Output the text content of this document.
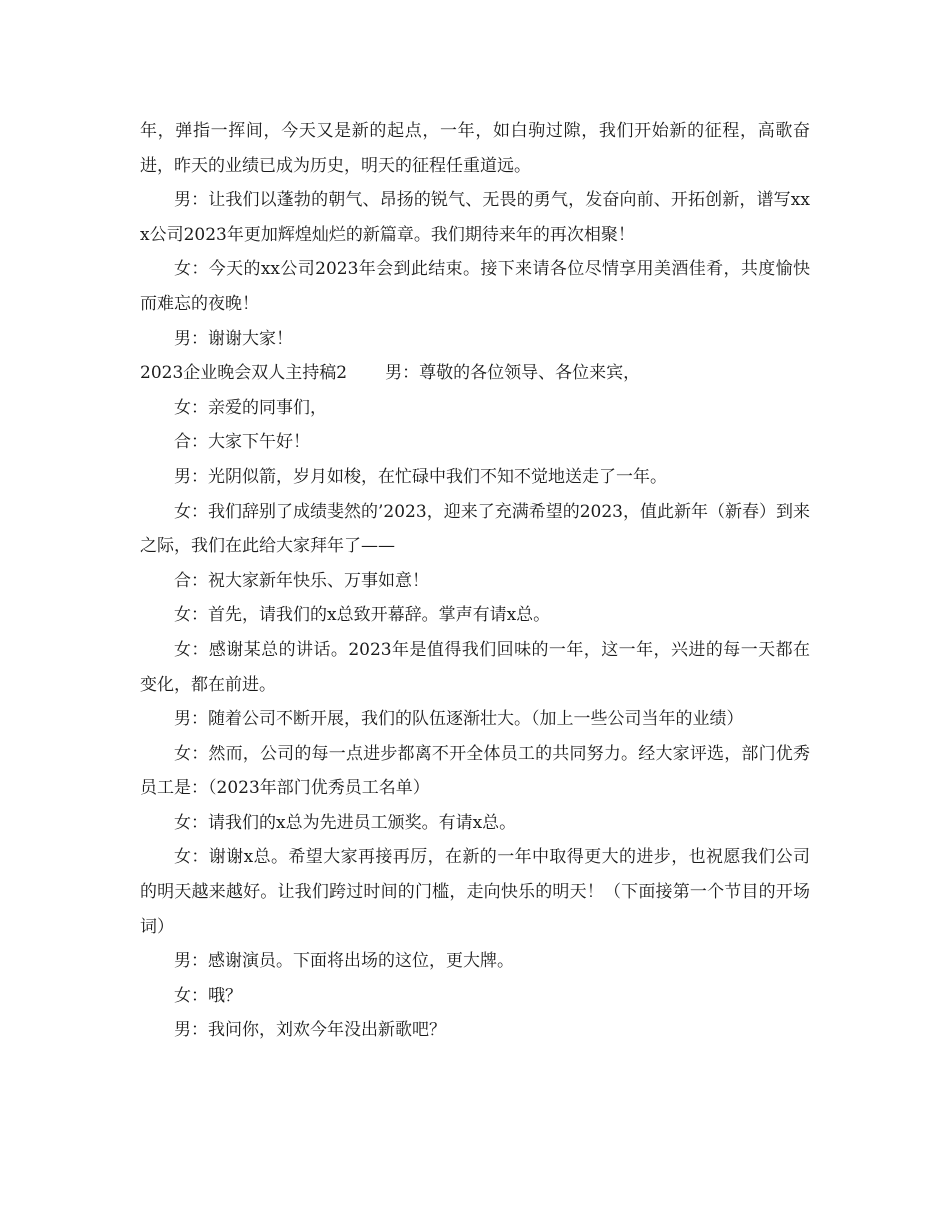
年，弹指一挥间，今天又是新的起点，一年，如白驹过隙，我们开始新的征程，高歌奋进，昨天的业绩已成为历史，明天的征程任重道远。

男：让我们以蓬勃的朝气、昂扬的锐气、无畏的勇气，发奋向前、开拓创新，谱写xxx公司2023年更加辉煌灿烂的新篇章。我们期待来年的再次相聚！

女：今天的xx公司2023年会到此结束。接下来请各位尽情享用美酒佳肴，共度愉快而难忘的夜晚！

男：谢谢大家！

2023企业晚会双人主持稿2 男：尊敬的各位领导、各位来宾，

女：亲爱的同事们，

合：大家下午好！

男：光阴似箭，岁月如梭，在忙碌中我们不知不觉地送走了一年。

女：我们辞别了成绩斐然的’2023，迎来了充满希望的2023，值此新年（新春）到来之际，我们在此给大家拜年了——

合：祝大家新年快乐、万事如意！

女：首先，请我们的x总致开幕辞。掌声有请x总。

女：感谢某总的讲话。2023年是值得我们回味的一年，这一年，兴进的每一天都在变化，都在前进。

男：随着公司不断开展，我们的队伍逐渐壮大。（加上一些公司当年的业绩）

女：然而，公司的每一点进步都离不开全体员工的共同努力。经大家评选，部门优秀员工是：（2023年部门优秀员工名单）

女：请我们的x总为先进员工颁奖。有请x总。

女：谢谢x总。希望大家再接再厉，在新的一年中取得更大的进步，也祝愿我们公司的明天越来越好。让我们跨过时间的门槛，走向快乐的明天！（下面接第一个节目的开场词）

男：感谢演员。下面将出场的这位，更大牌。

女：哦？

男：我问你，刘欢今年没出新歌吧？
